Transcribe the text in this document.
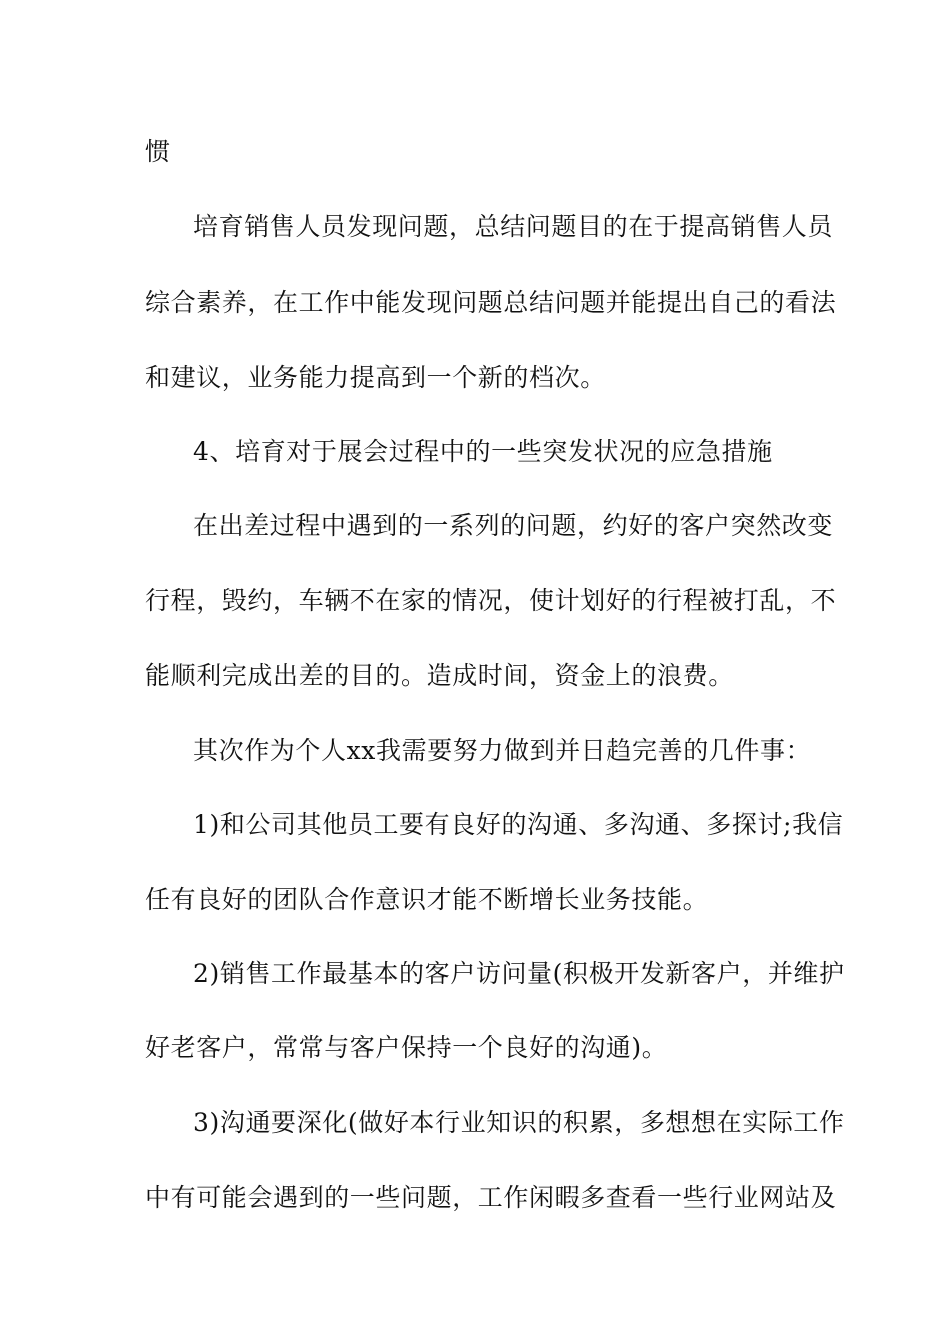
惯
培育销售人员发现问题，总结问题目的在于提高销售人员
综合素养，在工作中能发现问题总结问题并能提出自己的看法
和建议，业务能力提高到一个新的档次。
4、培育对于展会过程中的一些突发状况的应急措施
在出差过程中遇到的一系列的问题，约好的客户突然改变
行程，毁约，车辆不在家的情况，使计划好的行程被打乱，不
能顺利完成出差的目的。造成时间，资金上的浪费。
其次作为个人xx我需要努力做到并日趋完善的几件事：
1)和公司其他员工要有良好的沟通、多沟通、多探讨;我信
任有良好的团队合作意识才能不断增长业务技能。
2)销售工作最基本的客户访问量(积极开发新客户，并维护
好老客户，常常与客户保持一个良好的沟通)。
3)沟通要深化(做好本行业知识的积累，多想想在实际工作
中有可能会遇到的一些问题，工作闲暇多查看一些行业网站及
